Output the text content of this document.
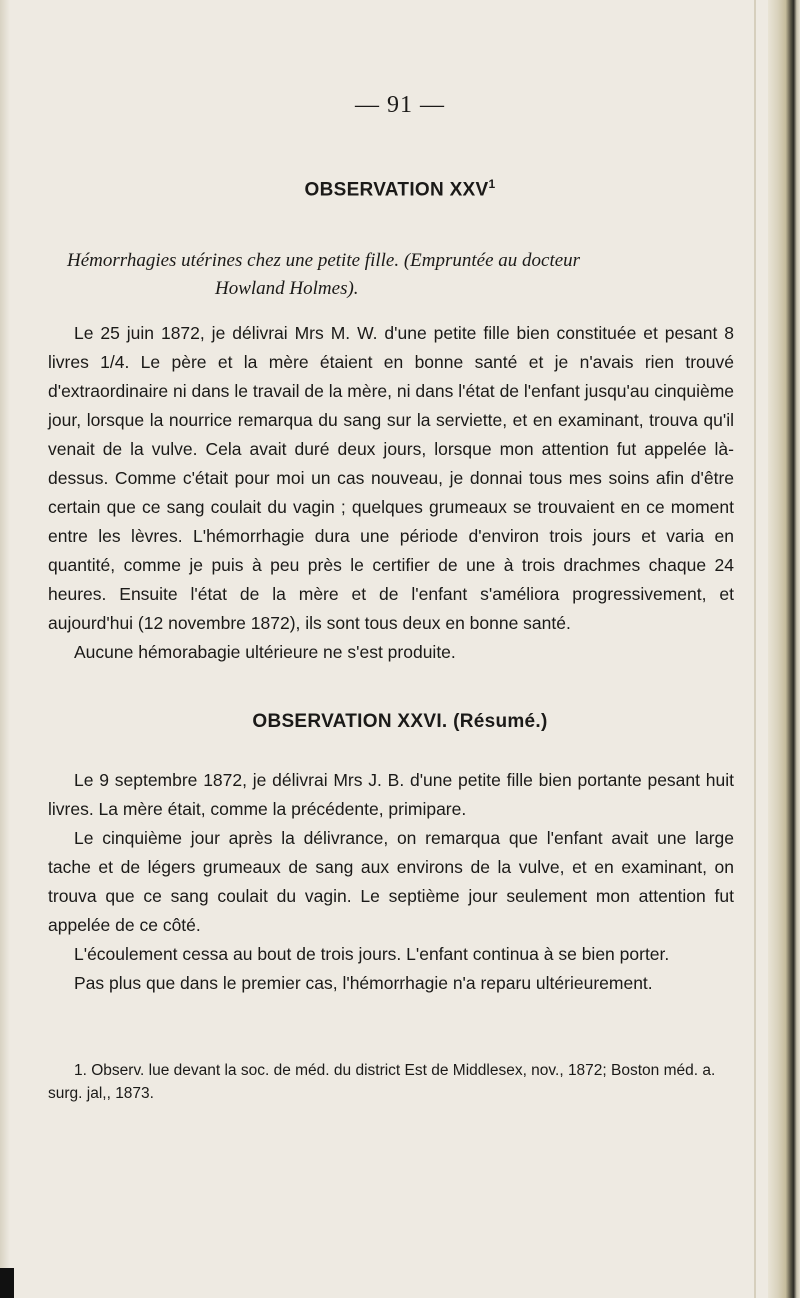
— 91 —
OBSERVATION XXV$^1$
Hémorrhagies utérines chez une petite fille. (Empruntée au docteur
Howland Holmes).

Le 25 juin 1872, je délivrai Mrs M. W. d'une petite fille bien constituée et pesant 8 livres 1/4. Le père et la mère étaient en bonne santé et je n'avais rien trouvé d'extraordinaire ni dans le travail de la mère, ni dans l'état de l'enfant jusqu'au cinquième jour, lorsque la nourrice remarqua du sang sur la serviette, et en examinant, trouva qu'il venait de la vulve. Cela avait duré deux jours, lorsque mon attention fut appelée là-dessus. Comme c'était pour moi un cas nouveau, je donnai tous mes soins afin d'être certain que ce sang coulait du vagin ; quelques grumeaux se trouvaient en ce moment entre les lèvres. L'hémorrhagie dura une période d'environ trois jours et varia en quantité, comme je puis à peu près le certifier de une à trois drachmes chaque 24 heures. Ensuite l'état de la mère et de l'enfant s'améliora progressivement, et aujourd'hui (12 novembre 1872), ils sont tous deux en bonne santé.

Aucune hémorabagie ultérieure ne s'est produite.

OBSERVATION XXVI. (Résumé.)

Le 9 septembre 1872, je délivrai Mrs J. B. d'une petite fille bien portante pesant huit livres. La mère était, comme la précédente, primipare.

Le cinquième jour après la délivrance, on remarqua que l'enfant avait une large tache et de légers grumeaux de sang aux environs de la vulve, et en examinant, on trouva que ce sang coulait du vagin. Le septième jour seulement mon attention fut appelée de ce côté.

L'écoulement cessa au bout de trois jours. L'enfant continua à se bien porter.

Pas plus que dans le premier cas, l'hémorrhagie n'a reparu ultérieurement.

1. Observ. lue devant la soc. de méd. du district Est de Middlesex, nov., 1872; Boston méd. a. surg. jal,, 1873.
